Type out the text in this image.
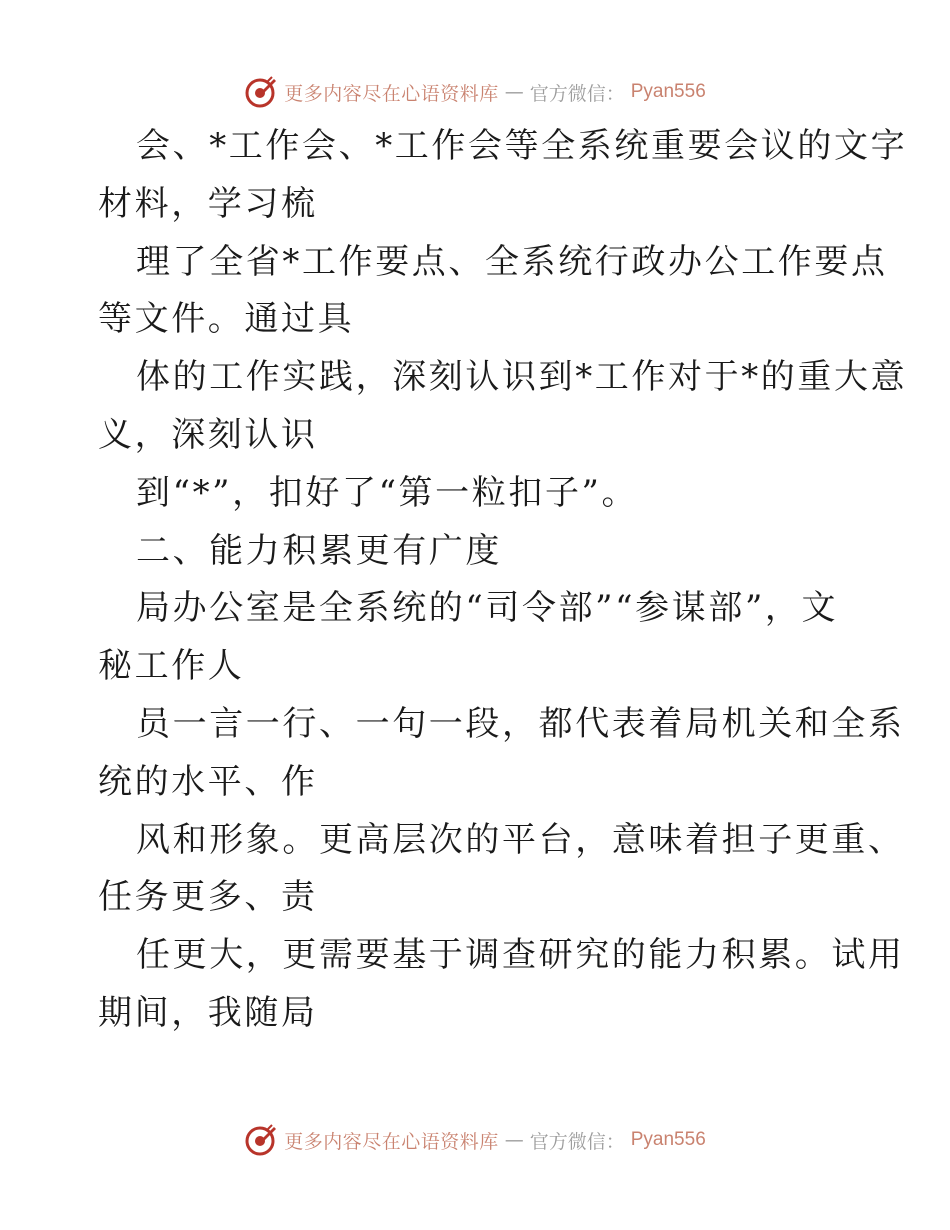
更多内容尽在心语资料库 — 官方微信： Pyan556

会、*工作会、*工作会等全系统重要会议的文字

材料，学习梳

理了全省*工作要点、全系统行政办公工作要点

等文件。通过具

体的工作实践，深刻认识到*工作对于*的重大意

义，深刻认识

到“*”，扣好了“第一粒扣子”。

二、能力积累更有广度

局办公室是全系统的“司令部”“参谋部”，文

秘工作人

员一言一行、一句一段，都代表着局机关和全系

统的水平、作

风和形象。更高层次的平台，意味着担子更重、

任务更多、责

任更大，更需要基于调查研究的能力积累。试用

期间，我随局

更多内容尽在心语资料库 — 官方微信： Pyan556
